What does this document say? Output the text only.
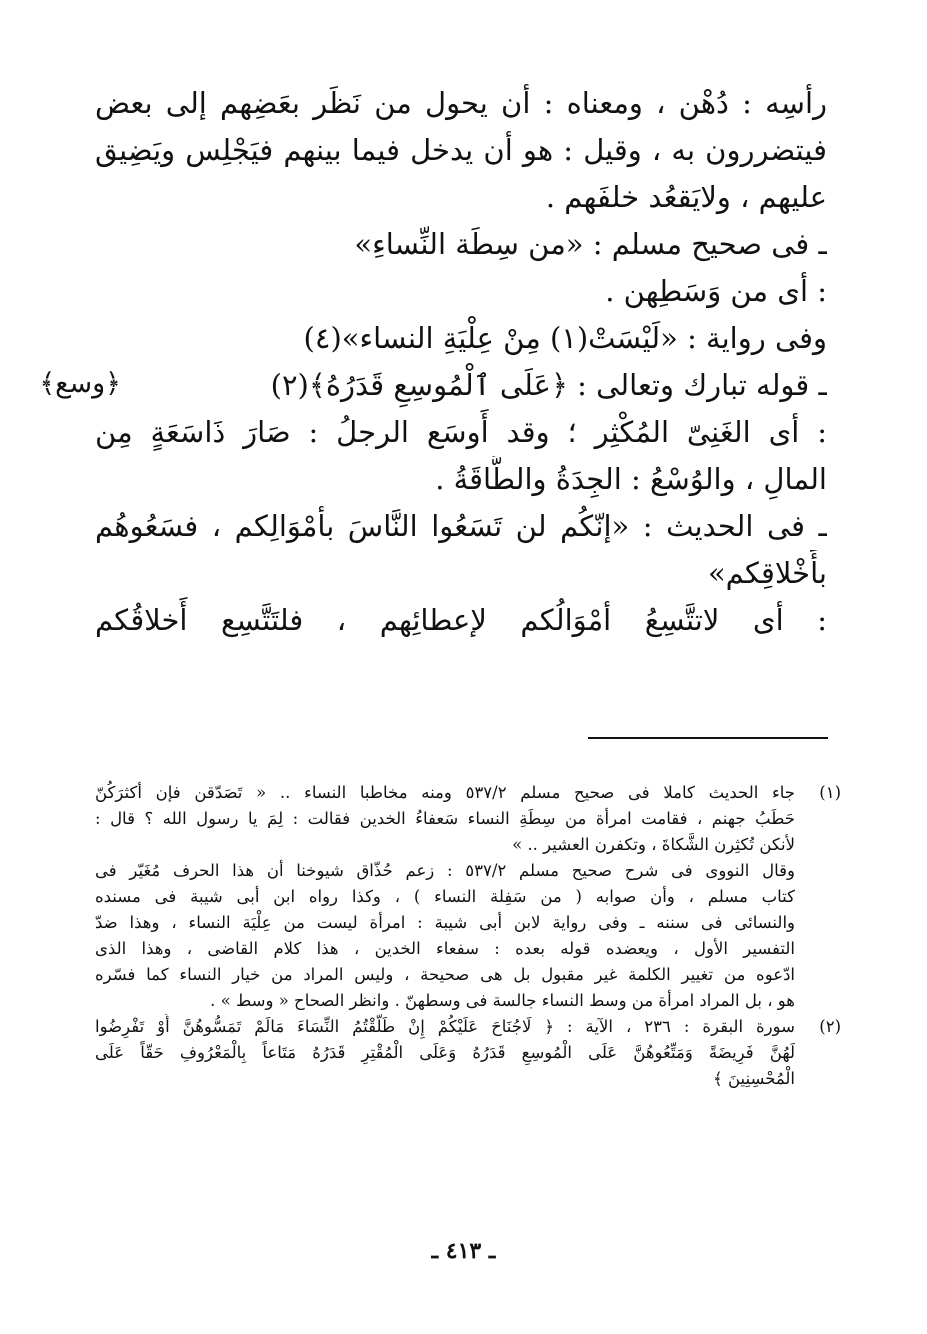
رأسِه : دُهْن ، ومعناه : أن يحول من نَظَر بعَضِهم إلى بعض
فيتضررون به ، وقيل : هو أن يدخل فيما بينهم فيَجْلِس ويَضِيق
عليهم ، ولايَقعُد خلفَهم .
ـ فى صحيح مسلم : «من سِطَة النِّساءِ»
: أى من وَسَطِهن .
وفى رواية : «لَيْسَتْ(١) مِنْ عِلْيَةِ النساء»(٤)
ـ قوله تبارك وتعالى : ﴿عَلَى ٱلْمُوسِعِ قَدَرُهُ﴾(٢)
: أى الغَنِىّ المُكْثِر ؛ وقد أَوسَع الرجلُ : صَارَ ذَاسَعَةٍ مِن
المالِ ، والوُسْعُ : الجِدَةُ والطَّاقَةُ .
ـ فى الحديث : «إنّكُم لن تَسَعُوا النَّاسَ بأمْوَالِكم ، فسَعُوهُم
بأَخْلاقِكم»
: أى لاتتَّسِعُ أمْوَالُكم لإعطائِهم ، فلتَتَّسِع أَخلاقُكم
﴿وسع﴾
(١)
جاء الحديث كاملا فى صحيح مسلم ٥٣٧/٢ ومنه مخاطبا النساء .. « تَصَدّقن فإن أكثرَكُنّ
حَطَبُ جهنم ، فقامت امرأة من سِطَةِ النساء سَعفاءُ الخدين فقالت : لِمَ يا رسول الله ؟ قال :
لأنكن تُكثِرن الشَّكاةَ ، وتكفرن العشير .. »
وقال النووى فى شرح صحيح مسلم ٥٣٧/٢ : زعم حُذّاق شيوخنا أن هذا الحرف مُغَيّر فى
كتاب مسلم ، وأن صوابه ( من سَفِلة النساء ) ، وكذا رواه ابن أبى شيبة فى مسنده
والنسائى فى سننه ـ وفى رواية لابن أبى شيبة : امرأة ليست من عِلْيَة النساء ، وهذا ضدّ
التفسير الأول ، ويعضده قوله بعده : سفعاء الخدين ، هذا كلام القاضى ، وهذا الذى
ادّعوه من تغيير الكلمة غير مقبول بل هى صحيحة ، وليس المراد من خيار النساء كما فسّره
هو ، بل المراد امرأة من وسط النساء جالسة فى وسطهنّ . وانظر الصحاح « وسط » .
(٢)
سورة البقرة : ٢٣٦ ، الآية : ﴿ لَاجُنَاحَ عَلَيْكُمْ إِنْ طَلَّقْتُمُ النِّسَاءَ مَالَمْ تَمَسُّوهُنَّ أَوْ تَفْرِضُوا
لَهُنَّ فَرِيضَةً وَمَتِّعُوهُنَّ عَلَى الْمُوسِعِ قَدَرُهُ وَعَلَى الْمُقْتِرِ قَدَرُهُ مَتَاعاً بِالْمَعْرُوفِ حَقّاً عَلَى
الْمُحْسِنِينَ ﴾
ـ ٤١٣ ـ
